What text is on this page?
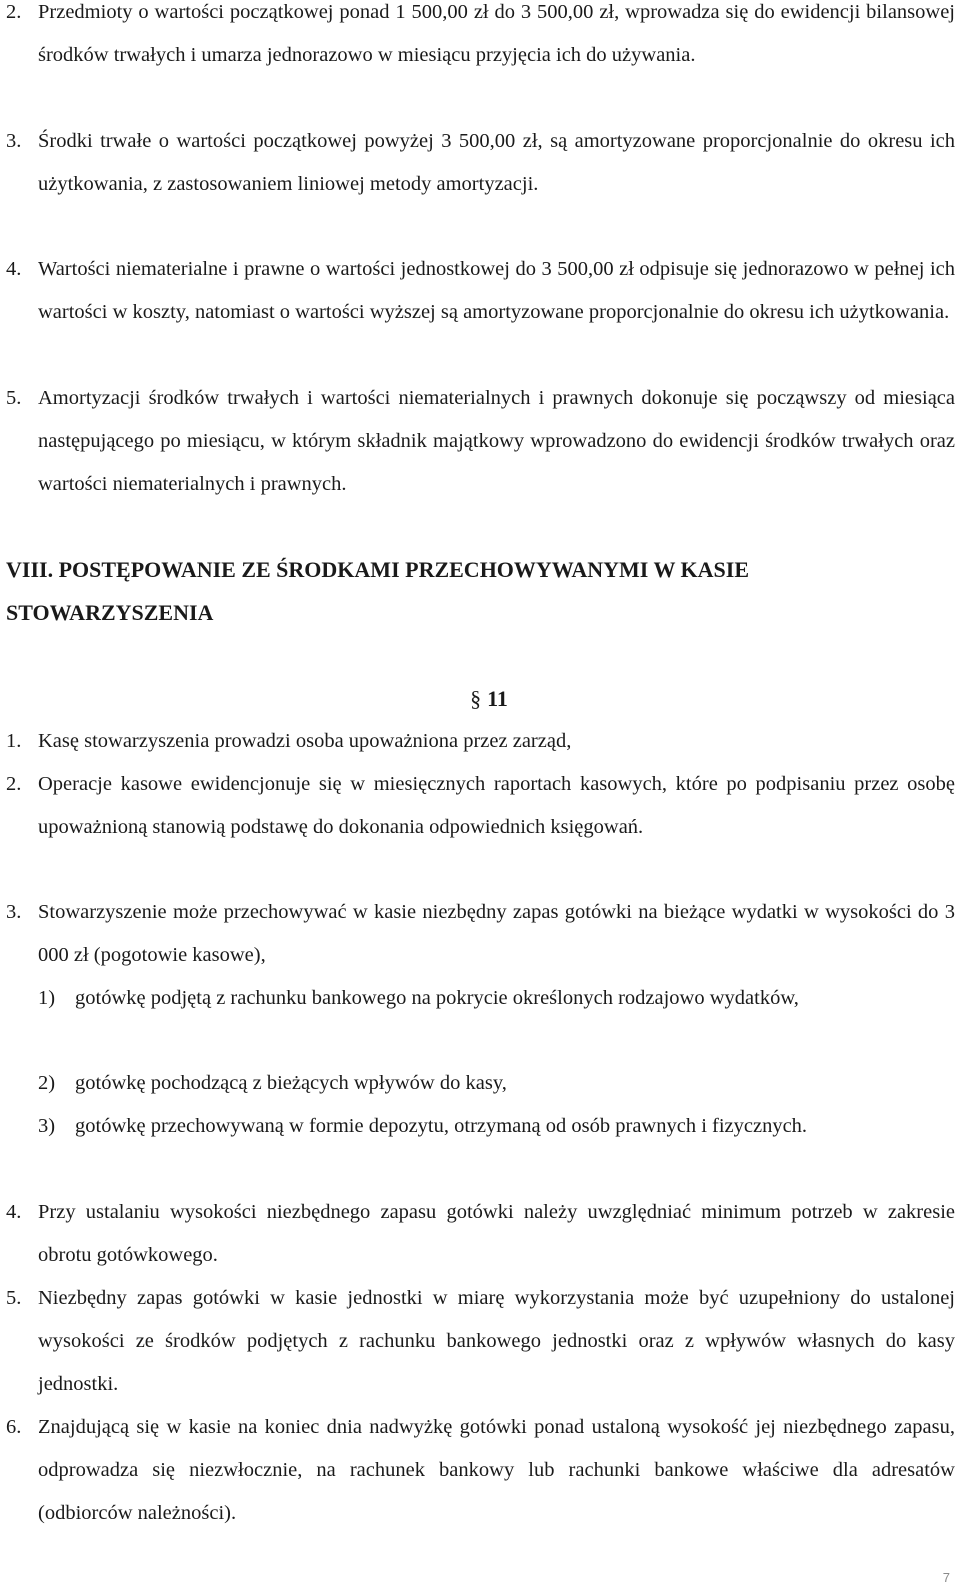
2. Przedmioty o wartości początkowej ponad 1 500,00 zł do 3 500,00 zł, wprowadza się do ewidencji bilansowej środków trwałych i umarza jednorazowo w miesiącu przyjęcia ich do używania.
3. Środki trwałe o wartości początkowej powyżej 3 500,00 zł, są amortyzowane proporcjonalnie do okresu ich użytkowania, z zastosowaniem liniowej metody amortyzacji.
4. Wartości niematerialne i prawne o wartości jednostkowej do 3 500,00 zł odpisuje się jednorazowo w pełnej ich wartości w koszty, natomiast o wartości wyższej są amortyzowane proporcjonalnie do okresu ich użytkowania.
5. Amortyzacji środków trwałych i wartości niematerialnych i prawnych dokonuje się począwszy od miesiąca następującego po miesiącu, w którym składnik majątkowy wprowadzono do ewidencji środków trwałych oraz wartości niematerialnych i prawnych.
VIII. POSTĘPOWANIE ZE ŚRODKAMI PRZECHOWYWANYMI W KASIE
STOWARZYSZENIA
§ 11
1. Kasę stowarzyszenia prowadzi osoba upoważniona przez zarząd,
2. Operacje kasowe ewidencjonuje się w miesięcznych raportach kasowych, które po podpisaniu przez osobę upoważnioną stanowią podstawę do dokonania odpowiednich księgowań.
3. Stowarzyszenie może przechowywać w kasie niezbędny zapas gotówki na bieżące wydatki w wysokości do 3 000 zł (pogotowie kasowe),
1) gotówkę podjętą z rachunku bankowego na pokrycie określonych rodzajowo wydatków,
2) gotówkę pochodzącą z bieżących wpływów do kasy,
3) gotówkę przechowywaną w formie depozytu, otrzymaną od osób prawnych i fizycznych.
4. Przy ustalaniu wysokości niezbędnego zapasu gotówki należy uwzględniać minimum potrzeb w zakresie obrotu gotówkowego.
5. Niezbędny zapas gotówki w kasie jednostki w miarę wykorzystania może być uzupełniony do ustalonej wysokości ze środków podjętych z rachunku bankowego jednostki oraz z wpływów własnych do kasy jednostki.
6. Znajdującą się w kasie na koniec dnia nadwyżkę gotówki ponad ustaloną wysokość jej niezbędnego zapasu, odprowadza się niezwłocznie, na rachunek bankowy lub rachunki bankowe właściwe dla adresatów (odbiorców należności).
7
